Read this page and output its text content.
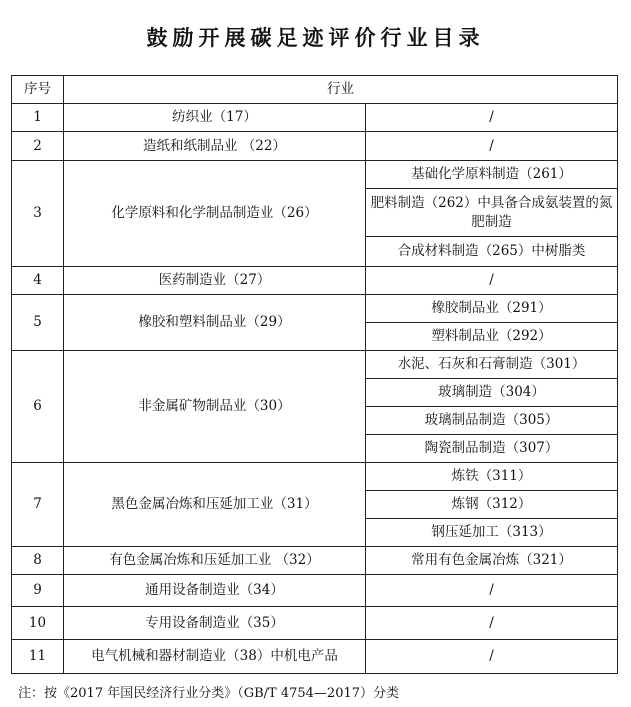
鼓励开展碳足迹评价行业目录
序号	行业	
1	纺织业（17）	/
2	造纸和纸制品业 （22）	/
3	化学原料和化学制品制造业（26）	基础化学原料制造（261）
		肥料制造（262）中具备合成氨装置的氮肥制造
		合成材料制造（265）中树脂类
4	医药制造业（27）	/
5	橡胶和塑料制品业（29）	橡胶制品业（291）
		塑料制品业（292）
6	非金属矿物制品业（30）	水泥、石灰和石膏制造（301）
		玻璃制造（304）
		玻璃制品制造（305）
		陶瓷制品制造（307）
7	黑色金属冶炼和压延加工业（31）	炼铁（311）
		炼钢（312）
		钢压延加工（313）
8	有色金属冶炼和压延加工业 （32）	常用有色金属冶炼（321）
9	通用设备制造业（34）	/
10	专用设备制造业（35）	/
11	电气机械和器材制造业（38）中机电产品	/
注：按《2017 年国民经济行业分类》（GB/T 4754—2017）分类
